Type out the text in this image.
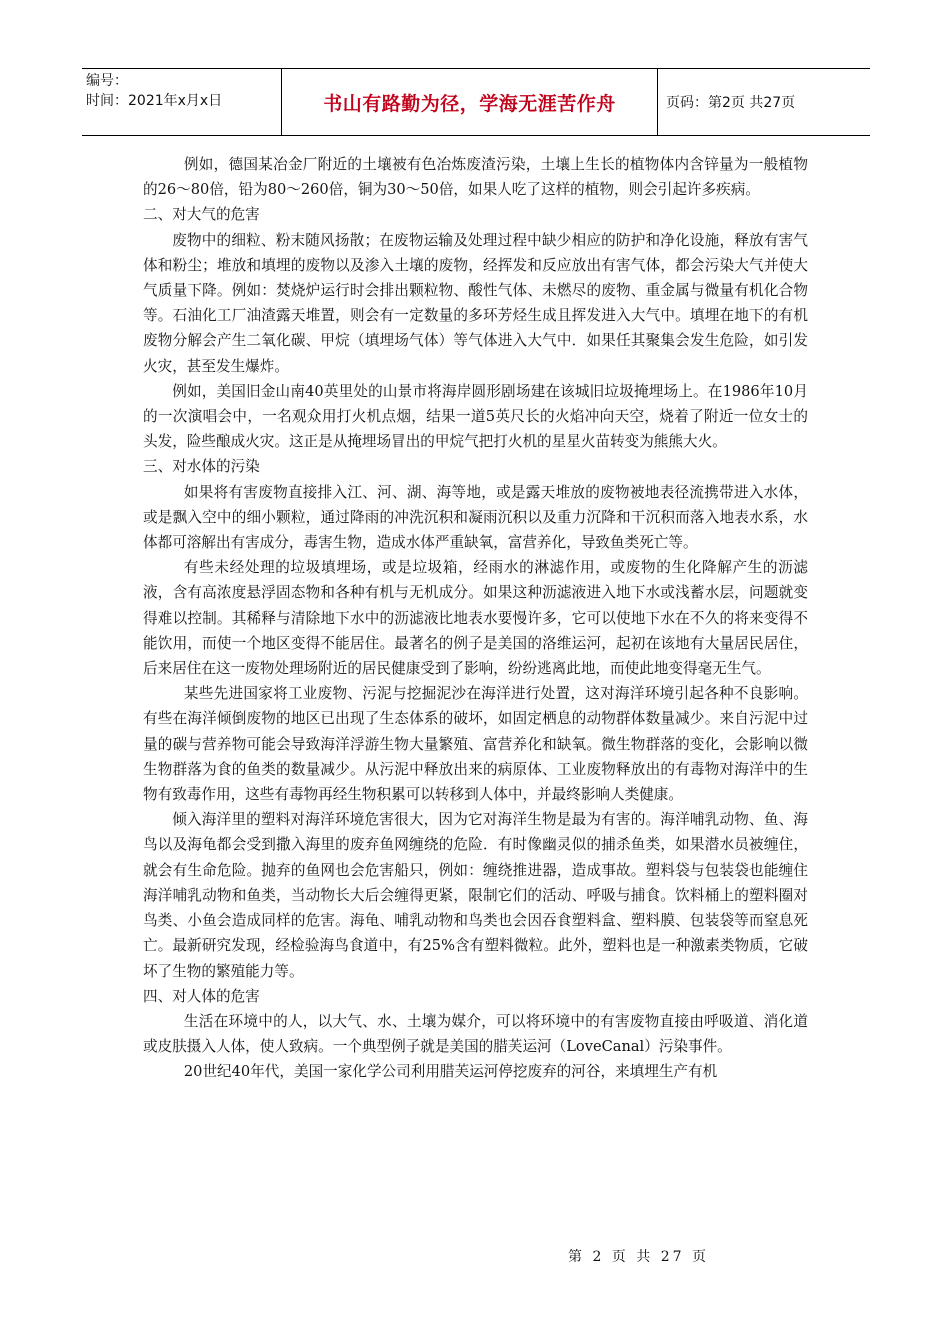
编号：
时间：2021年x月x日	书山有路勤为径，学海无涯苦作舟	页码：第2页 共27页

例如，德国某冶金厂附近的土壤被有色冶炼废渣污染，土壤上生长的植物体内含锌量为一般植物的26～80倍，铅为80～260倍，铜为30～50倍，如果人吃了这样的植物，则会引起许多疾病。

二、对大气的危害

废物中的细粒、粉末随风扬散；在废物运输及处理过程中缺少相应的防护和净化设施，释放有害气体和粉尘；堆放和填埋的废物以及渗入土壤的废物，经挥发和反应放出有害气体，都会污染大气并使大气质量下降。例如：焚烧炉运行时会排出颗粒物、酸性气体、未燃尽的废物、重金属与微量有机化合物等。石油化工厂油渣露天堆置，则会有一定数量的多环芳烃生成且挥发进入大气中。填埋在地下的有机废物分解会产生二氧化碳、甲烷（填埋场气体）等气体进入大气中．如果任其聚集会发生危险，如引发火灾，甚至发生爆炸。

例如，美国旧金山南40英里处的山景市将海岸圆形剧场建在该城旧垃圾掩埋场上。在1986年10月的一次演唱会中，一名观众用打火机点烟，结果一道5英尺长的火焰冲向天空，烧着了附近一位女士的头发，险些酿成火灾。这正是从掩埋场冒出的甲烷气把打火机的星星火苗转变为熊熊大火。

三、对水体的污染

如果将有害废物直接排入江、河、湖、海等地，或是露天堆放的废物被地表径流携带进入水体，或是飘入空中的细小颗粒，通过降雨的冲洗沉积和凝雨沉积以及重力沉降和干沉积而落入地表水系，水体都可溶解出有害成分，毒害生物，造成水体严重缺氧，富营养化，导致鱼类死亡等。

有些未经处理的垃圾填埋场，或是垃圾箱，经雨水的淋滤作用，或废物的生化降解产生的沥滤液，含有高浓度悬浮固态物和各种有机与无机成分。如果这种沥滤液进入地下水或浅蓄水层，问题就变得难以控制。其稀释与清除地下水中的沥滤液比地表水要慢许多，它可以使地下水在不久的将来变得不能饮用，而使一个地区变得不能居住。最著名的例子是美国的洛维运河，起初在该地有大量居民居住，后来居住在这一废物处理场附近的居民健康受到了影响，纷纷逃离此地，而使此地变得毫无生气。

某些先进国家将工业废物、污泥与挖掘泥沙在海洋进行处置，这对海洋环境引起各种不良影响。有些在海洋倾倒废物的地区已出现了生态体系的破坏，如固定栖息的动物群体数量减少。来自污泥中过量的碳与营养物可能会导致海洋浮游生物大量繁殖、富营养化和缺氧。微生物群落的变化，会影响以微生物群落为食的鱼类的数量减少。从污泥中释放出来的病原体、工业废物释放出的有毒物对海洋中的生物有致毒作用，这些有毒物再经生物积累可以转移到人体中，并最终影响人类健康。

倾入海洋里的塑料对海洋环境危害很大，因为它对海洋生物是最为有害的。海洋哺乳动物、鱼、海鸟以及海龟都会受到撒入海里的废弃鱼网缠绕的危险．有时像幽灵似的捕杀鱼类，如果潜水员被缠住，就会有生命危险。抛弃的鱼网也会危害船只，例如：缠绕推进器，造成事故。塑料袋与包装袋也能缠住海洋哺乳动物和鱼类，当动物长大后会缠得更紧，限制它们的活动、呼吸与捕食。饮料桶上的塑料圈对鸟类、小鱼会造成同样的危害。海龟、哺乳动物和鸟类也会因吞食塑料盒、塑料膜、包装袋等而窒息死亡。最新研究发现，经检验海鸟食道中，有25%含有塑料微粒。此外，塑料也是一种激素类物质，它破坏了生物的繁殖能力等。

四、对人体的危害

生活在环境中的人，以大气、水、土壤为媒介，可以将环境中的有害废物直接由呼吸道、消化道或皮肤摄入人体，使人致病。一个典型例子就是美国的腊芙运河（LoveCanal）污染事件。

20世纪40年代，美国一家化学公司利用腊芙运河停挖废弃的河谷，来填埋生产有机

第 2 页 共 27 页
